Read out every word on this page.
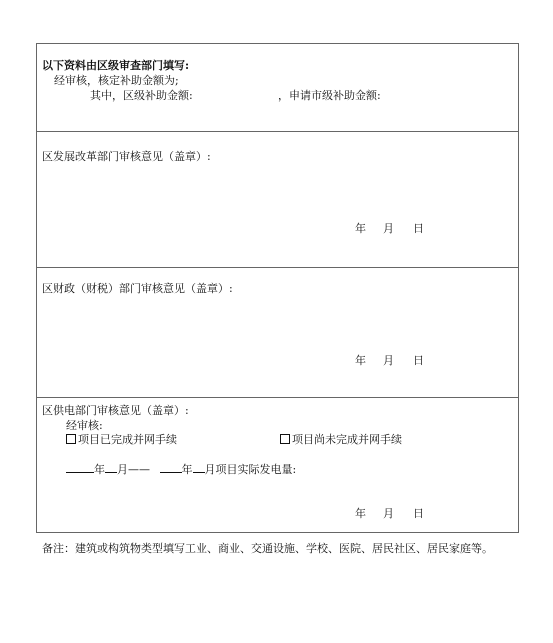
以下资料由区级审查部门填写:
经审核，核定补助金额为;
其中，区级补助金额:	，申请市级补助金额:
区发展改革部门审核意见（盖章）:
年 月 日
区财政（财税）部门审核意见（盖章）:
年 月 日
区供电部门审核意见（盖章）:
经审核:
项目已完成并网手续	项目尚未完成并网手续
年 月——	年 月项目实际发电量:
年 月 日
备注：建筑或构筑物类型填写工业、商业、交通设施、学校、医院、居民社区、居民家庭等。
